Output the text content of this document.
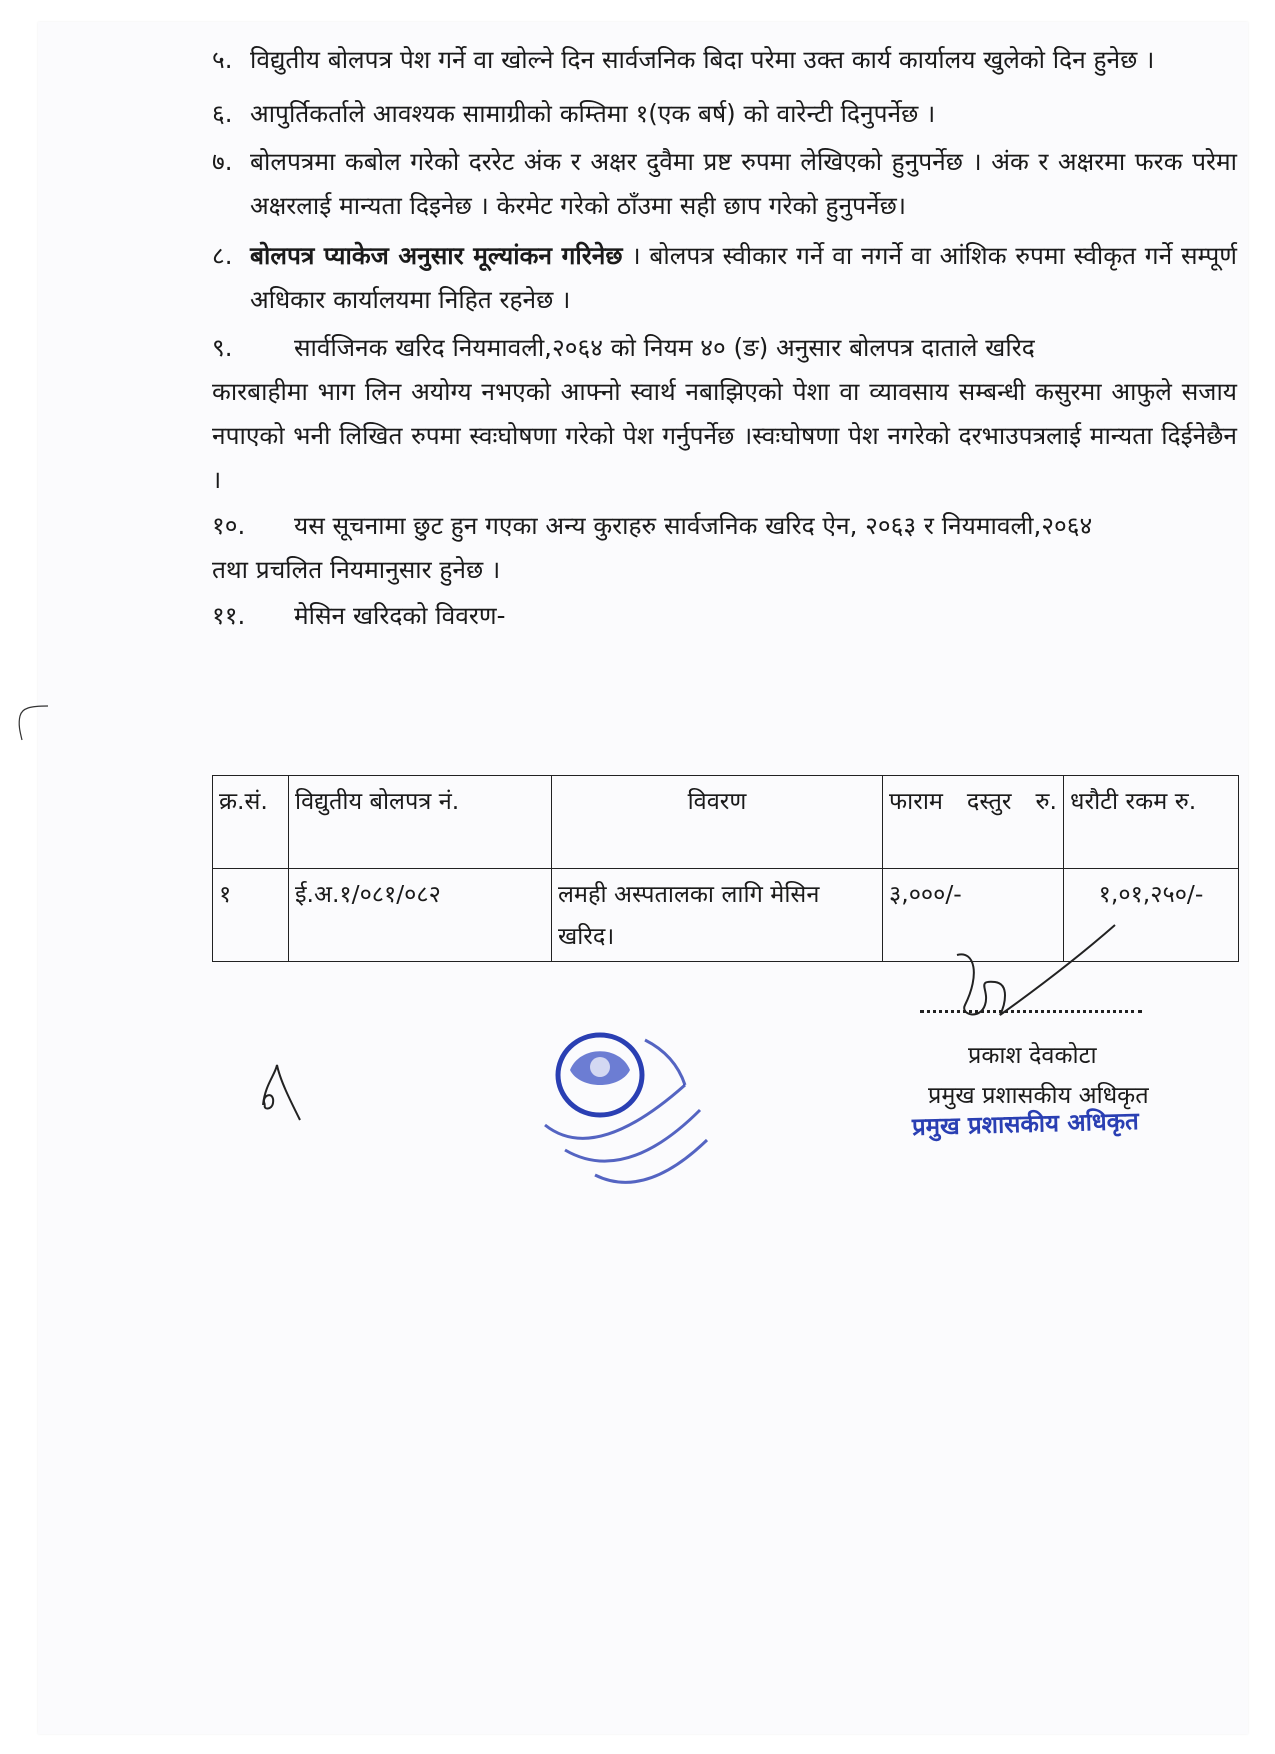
५. विद्युतीय बोलपत्र पेश गर्ने वा खोल्ने दिन सार्वजनिक बिदा परेमा उक्त कार्य कार्यालय खुलेको दिन हुनेछ ।
६. आपुर्तिकर्ताले आवश्यक सामाग्रीको कम्तिमा १(एक बर्ष) को वारेन्टी दिनुपर्नेछ ।
७. बोलपत्रमा कबोल गरेको दररेट अंक र अक्षर दुवैमा प्रष्ट रुपमा लेखिएको हुनुपर्नेछ । अंक र अक्षरमा फरक परेमा अक्षरलाई मान्यता दिइनेछ । केरमेट गरेको ठाँउमा सही छाप गरेको हुनुपर्नेछ।
८. बोलपत्र प्याकेज अनुसार मूल्यांकन गरिनेछ । बोलपत्र स्वीकार गर्ने वा नगर्ने वा आंशिक रुपमा स्वीकृत गर्ने सम्पूर्ण अधिकार कार्यालयमा निहित रहनेछ ।
९.	सार्वजिनक खरिद नियमावली,२०६४ को नियम ४० (ङ) अनुसार बोलपत्र दाताले खरिद
कारबाहीमा भाग लिन अयोग्य नभएको आफ्नो स्वार्थ नबाझिएको पेशा वा व्यावसाय सम्बन्धी कसुरमा आफुले सजाय नपाएको भनी लिखित रुपमा स्वःघोषणा गरेको पेश गर्नुपर्नेछ ।स्वःघोषणा पेश नगरेको दरभाउपत्रलाई मान्यता दिईनेछैन ।
१०.	यस सूचनामा छुट हुन गएका अन्य कुराहरु सार्वजनिक खरिद ऐन, २०६३ र नियमावली,२०६४
तथा प्रचलित नियमानुसार हुनेछ ।
११.	मेसिन खरिदको विवरण-
क्र.सं.	विद्युतीय बोलपत्र नं.	विवरण	फाराम दस्तुर रु.	धरौटी रकम रु.
१	ई.अ.१/०८१/०८२	लमही अस्पतालका लागि मेसिन खरिद।	३,०००/-	१,०१,२५०/-
प्रकाश देवकोटा
प्रमुख प्रशासकीय अधिकृत
प्रमुख प्रशासकीय अधिकृत
